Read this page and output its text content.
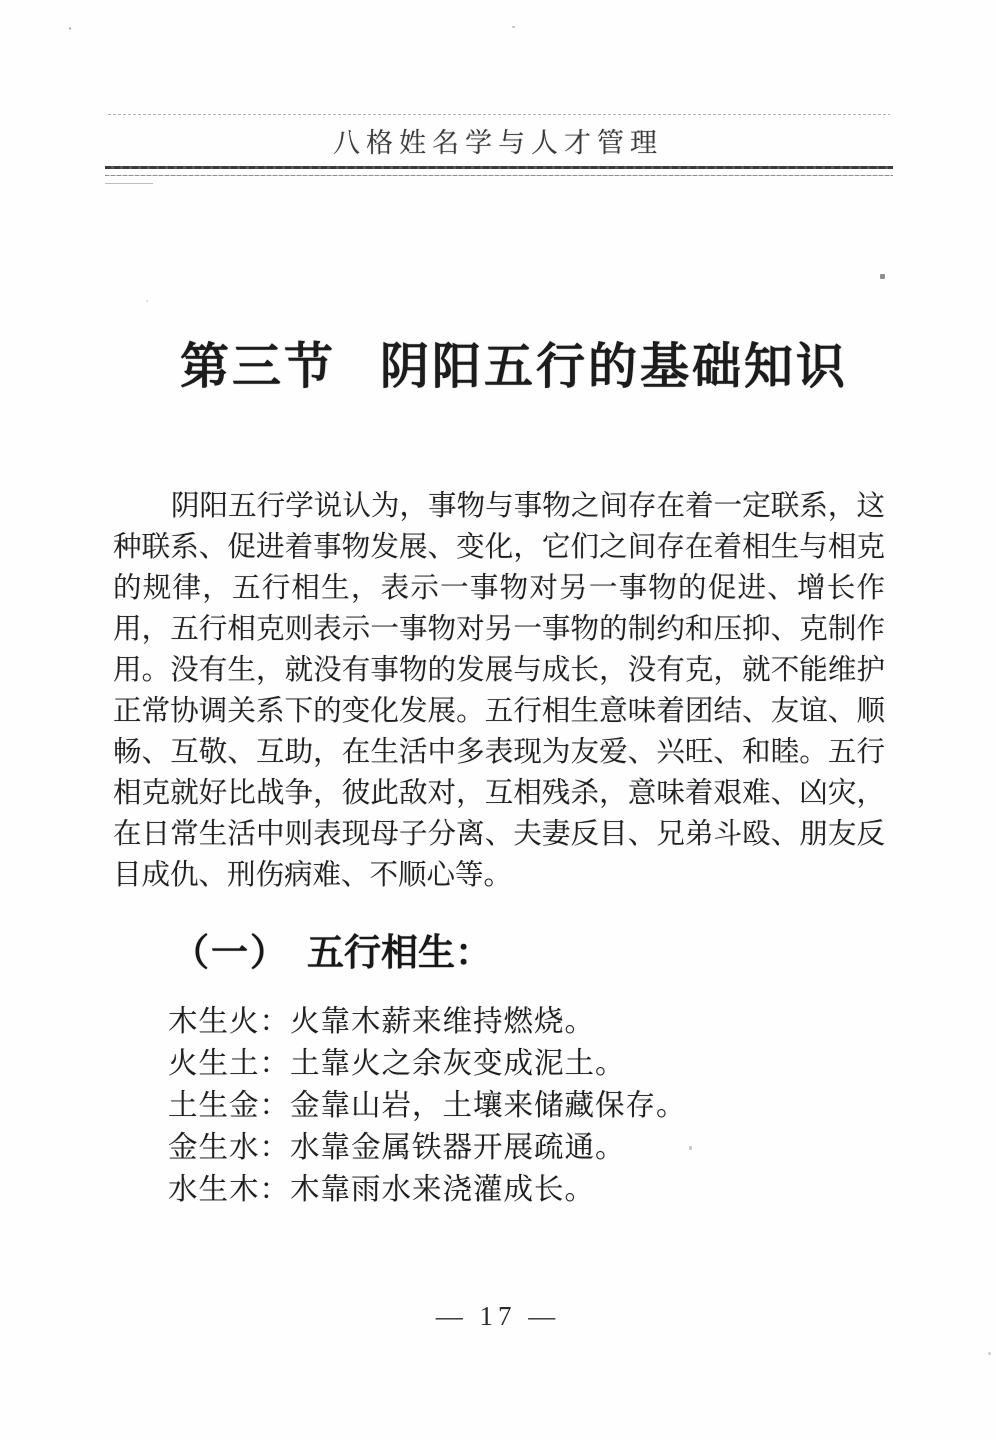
八格姓名学与人才管理
第三节 阴阳五行的基础知识
阴阳五行学说认为，事物与事物之间存在着一定联系，这
种联系、促进着事物发展、变化，它们之间存在着相生与相克
的规律，五行相生，表示一事物对另一事物的促进、增长作
用，五行相克则表示一事物对另一事物的制约和压抑、克制作
用。没有生，就没有事物的发展与成长，没有克，就不能维护
正常协调关系下的变化发展。五行相生意味着团结、友谊、顺
畅、互敬、互助，在生活中多表现为友爱、兴旺、和睦。五行
相克就好比战争，彼此敌对，互相残杀，意味着艰难、凶灾，
在日常生活中则表现母子分离、夫妻反目、兄弟斗殴、朋友反
目成仇、刑伤病难、不顺心等。
（一） 五行相生：
木生火：火靠木薪来维持燃烧。
火生土：土靠火之余灰变成泥土。
土生金：金靠山岩，土壤来储藏保存。
金生水：水靠金属铁器开展疏通。
水生木：木靠雨水来浇灌成长。
— 17 —
